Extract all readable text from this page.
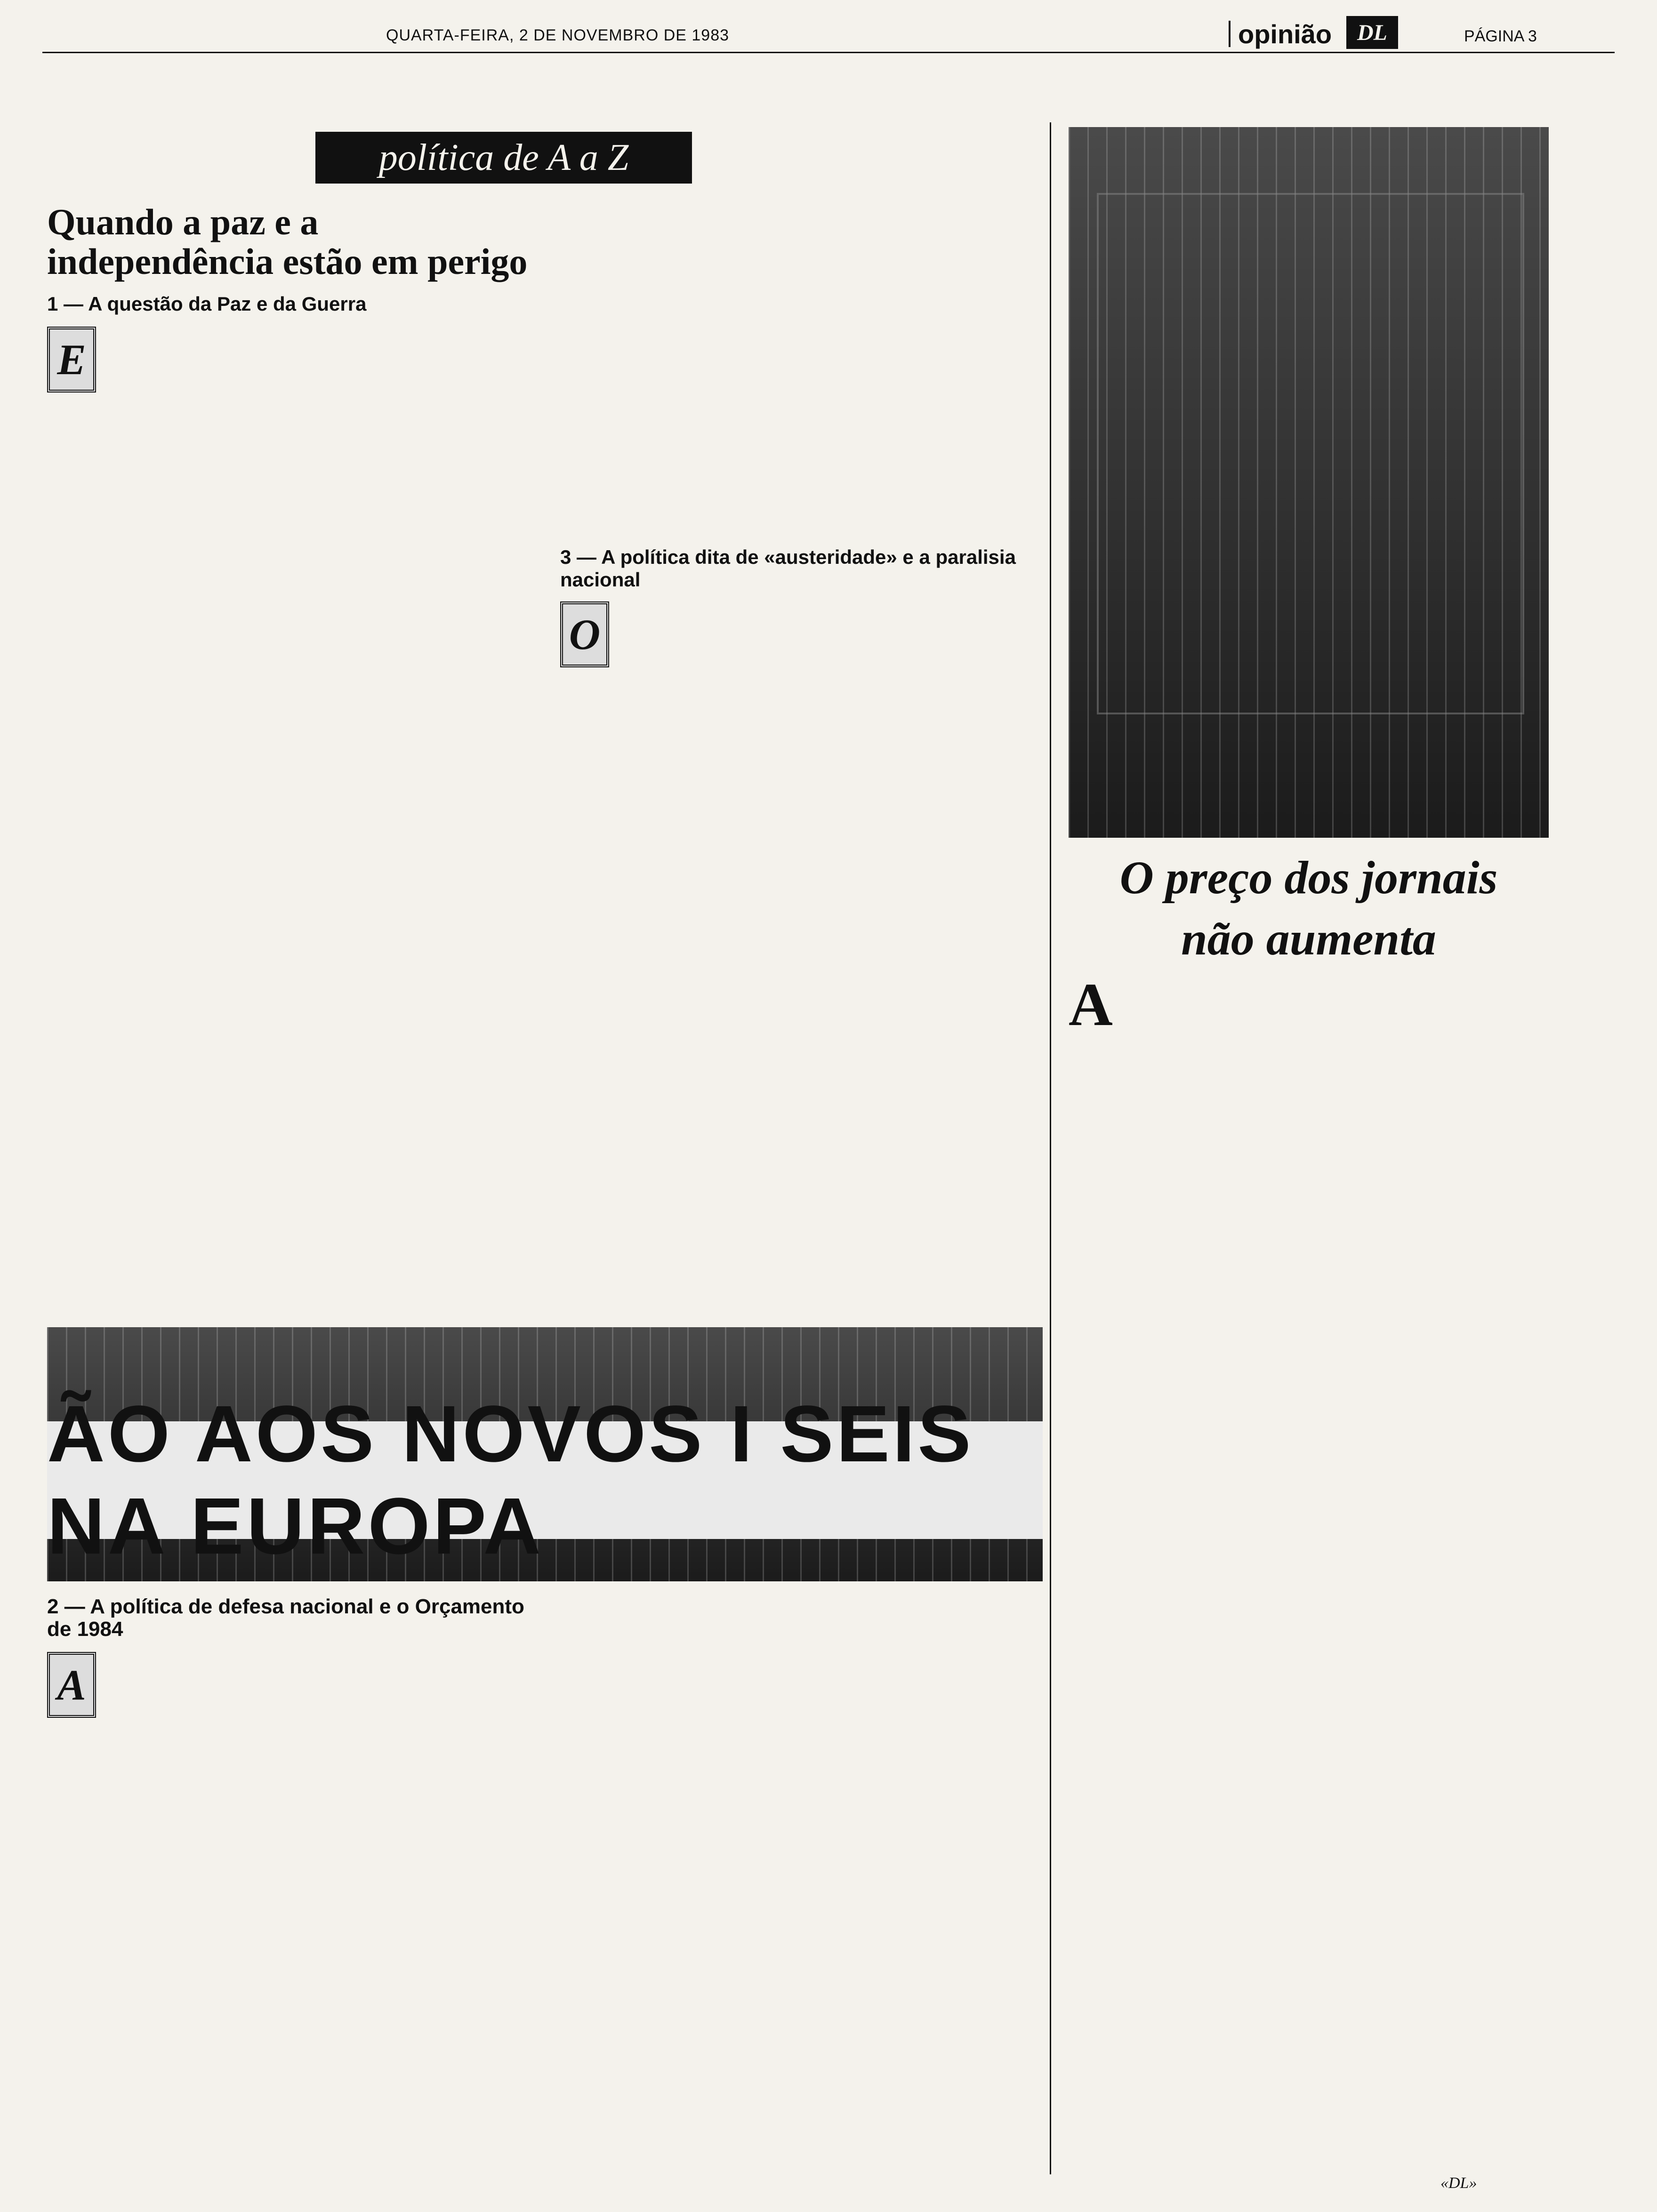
QUARTA-FEIRA, 2 DE NOVEMBRO DE 1983	opinião DL	PÁGINA 3
política de A a Z
Quando a paz e a independência estão em perigo
1 — A questão da Paz e da Guerra
E
3 — A política dita de «austeridade» e a paralisia nacional
O
ÃO AOS NOVOS I SEIS NA EUROPA
2 — A política de defesa nacional e o Orçamento de 1984
A
O preço dos jornais
não aumenta
A
«DL»
